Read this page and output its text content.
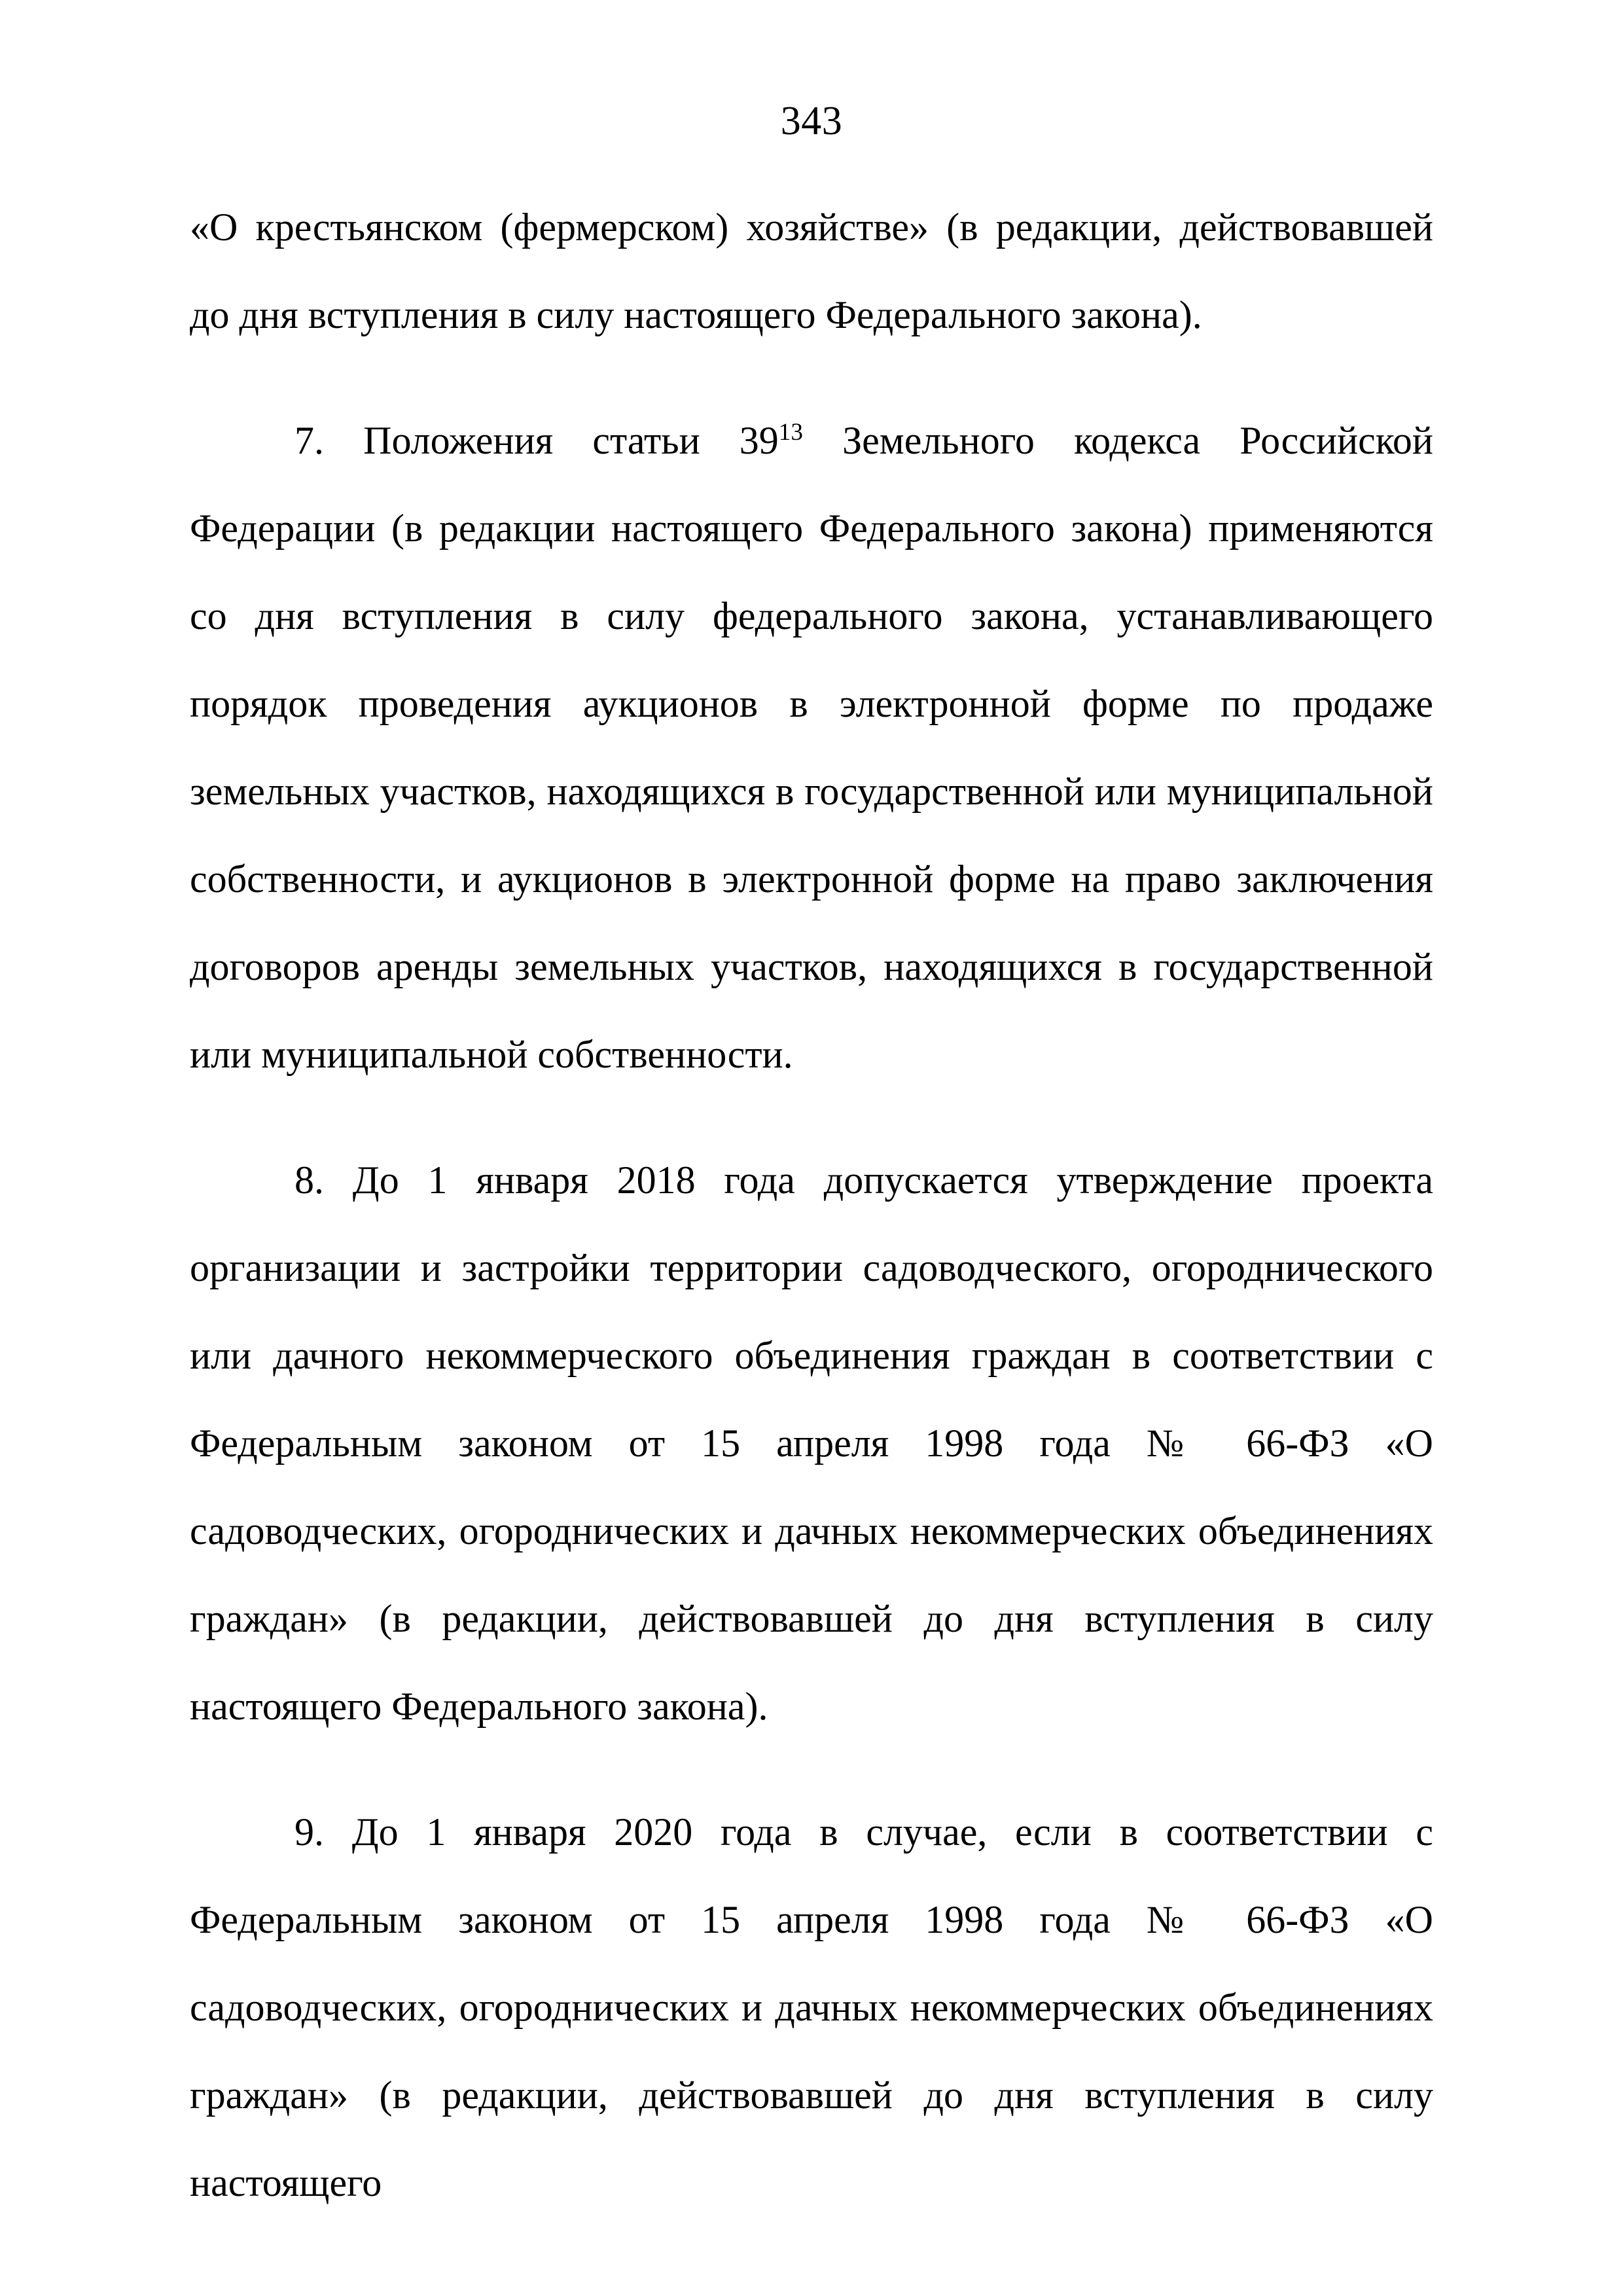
343

«О крестьянском (фермерском) хозяйстве» (в редакции, действовавшей до дня вступления в силу настоящего Федерального закона).

7. Положения статьи $39^{13}$ Земельного кодекса Российской Федерации (в редакции настоящего Федерального закона) применяются со дня вступления в силу федерального закона, устанавливающего порядок проведения аукционов в электронной форме по продаже земельных участков, находящихся в государственной или муниципальной собственности, и аукционов в электронной форме на право заключения договоров аренды земельных участков, находящихся в государственной или муниципальной собственности.

8. До 1 января 2018 года допускается утверждение проекта организации и застройки территории садоводческого, огороднического или дачного некоммерческого объединения граждан в соответствии с Федеральным законом от 15 апреля 1998 года № 66-ФЗ «О садоводческих, огороднических и дачных некоммерческих объединениях граждан» (в редакции, действовавшей до дня вступления в силу настоящего Федерального закона).

9. До 1 января 2020 года в случае, если в соответствии с Федеральным законом от 15 апреля 1998 года № 66-ФЗ «О садоводческих, огороднических и дачных некоммерческих объединениях граждан» (в редакции, действовавшей до дня вступления в силу настоящего
